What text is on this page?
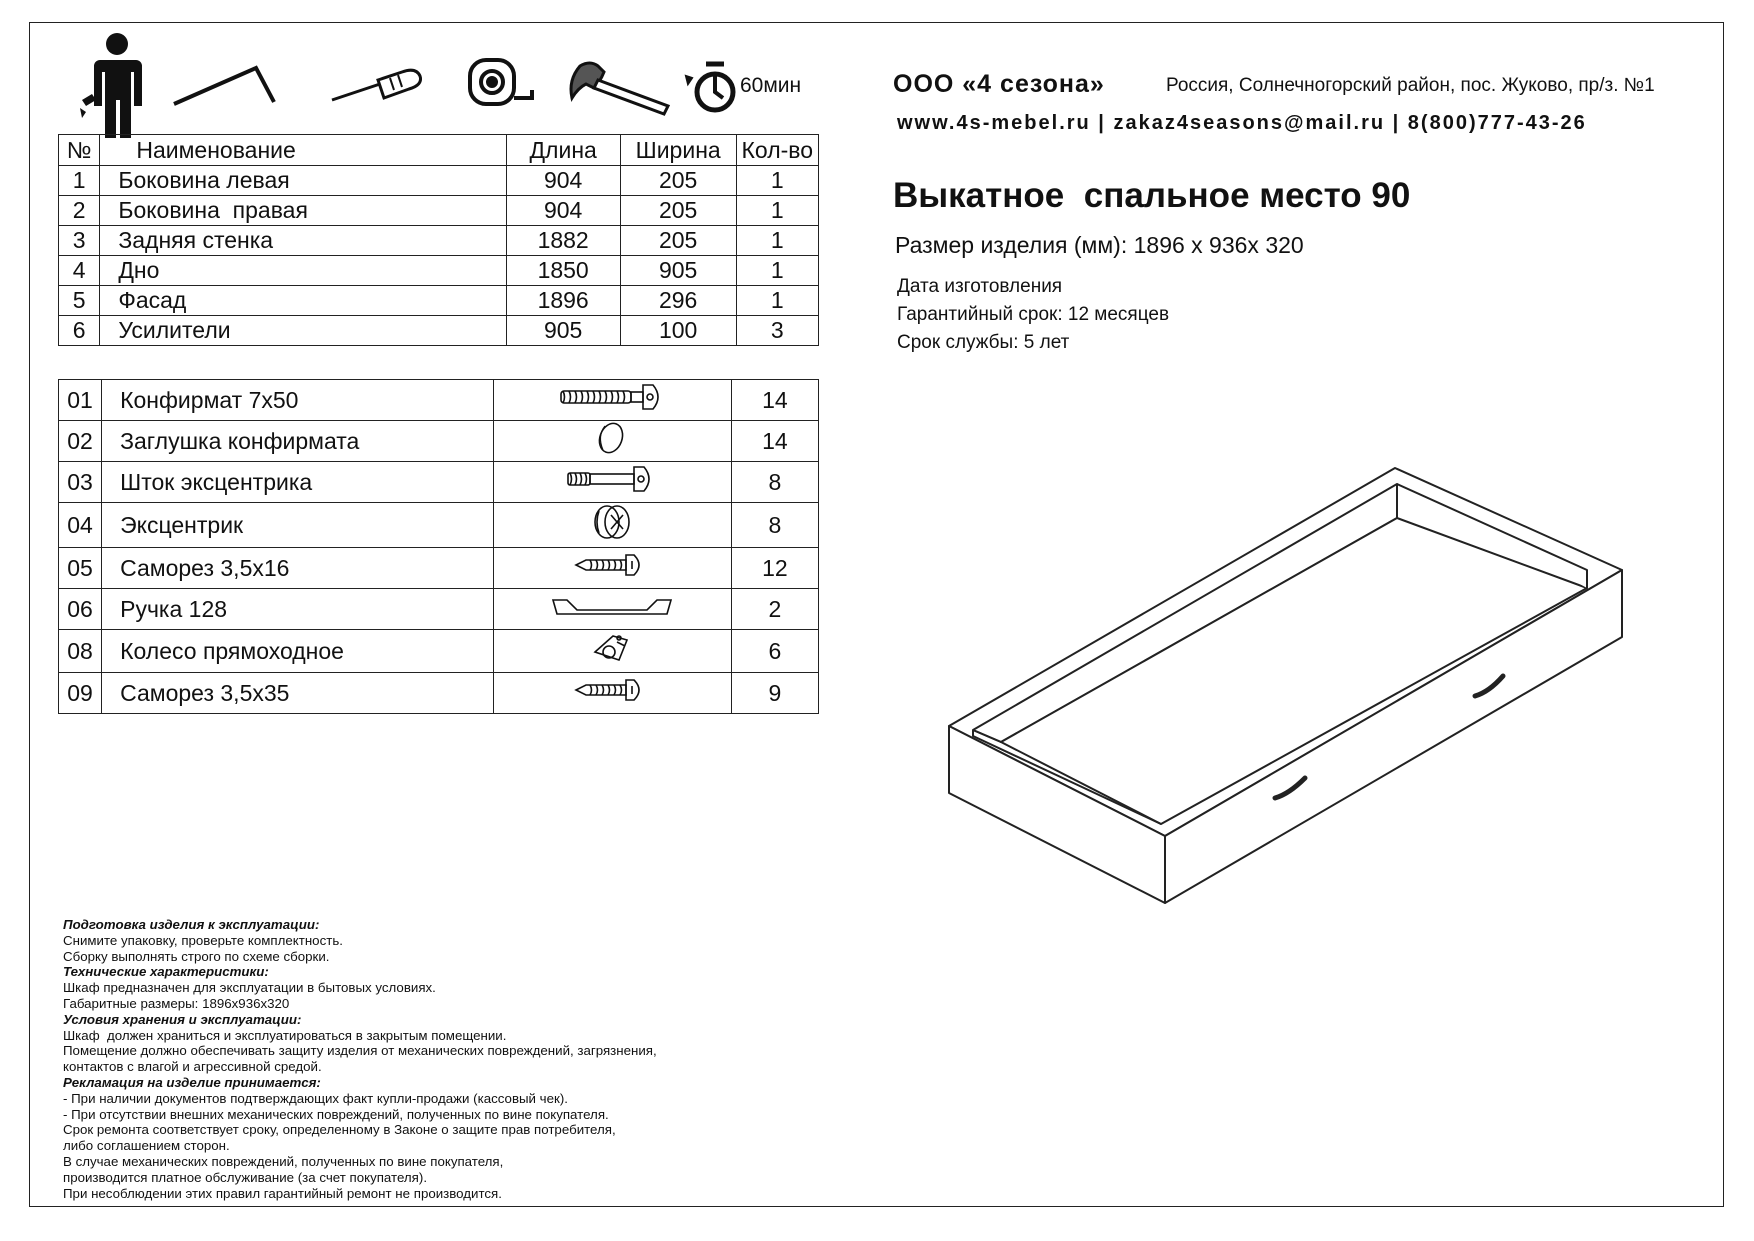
60мин
№	Наименование	Длина	Ширина	Кол-во
1	Боковина левая	904	205	1
2	Боковина  правая	904	205	1
3	Задняя стенка	1882	205	1
4	Дно	1850	905	1
5	Фасад	1896	296	1
6	Усилители	905	100	3
01	Конфирмат 7х50		14
02	Заглушка конфирмата		14
03	Шток эксцентрика		8
04	Эксцентрик		8
05	Саморез 3,5х16		12
06	Ручка 128		2
08	Колесо прямоходное		6
09	Саморез 3,5х35		9
ООО «4 сезона»	Россия, Солнечногорский район, пос. Жуково, пр/з. №1
www.4s-mebel.ru | zakaz4seasons@mail.ru | 8(800)777-43-26
Выкатное  спальное место 90
Размер изделия (мм): 1896 х 936х 320
Дата изготовления
Гарантийный срок: 12 месяцев
Срок службы: 5 лет
Подготовка изделия к эксплуатации:
Снимите упаковку, проверьте комплектность.
Сборку выполнять строго по схеме сборки.
Технические характеристики:
Шкаф предназначен для эксплуатации в бытовых условиях.
Габаритные размеры: 1896х936х320
Условия хранения и эксплуатации:
Шкаф  должен храниться и эксплуатироваться в закрытым помещении.
Помещение должно обеспечивать защиту изделия от механических повреждений, загрязнения,
контактов с влагой и агрессивной средой.
Рекламация на изделие принимается:
- При наличии документов подтверждающих факт купли-продажи (кассовый чек).
- При отсутствии внешних механических повреждений, полученных по вине покупателя.
Срок ремонта соответствует сроку, определенному в Законе о защите прав потребителя,
либо соглашением сторон.
В случае механических повреждений, полученных по вине покупателя,
производится платное обслуживание (за счет покупателя).
При несоблюдении этих правил гарантийный ремонт не производится.
